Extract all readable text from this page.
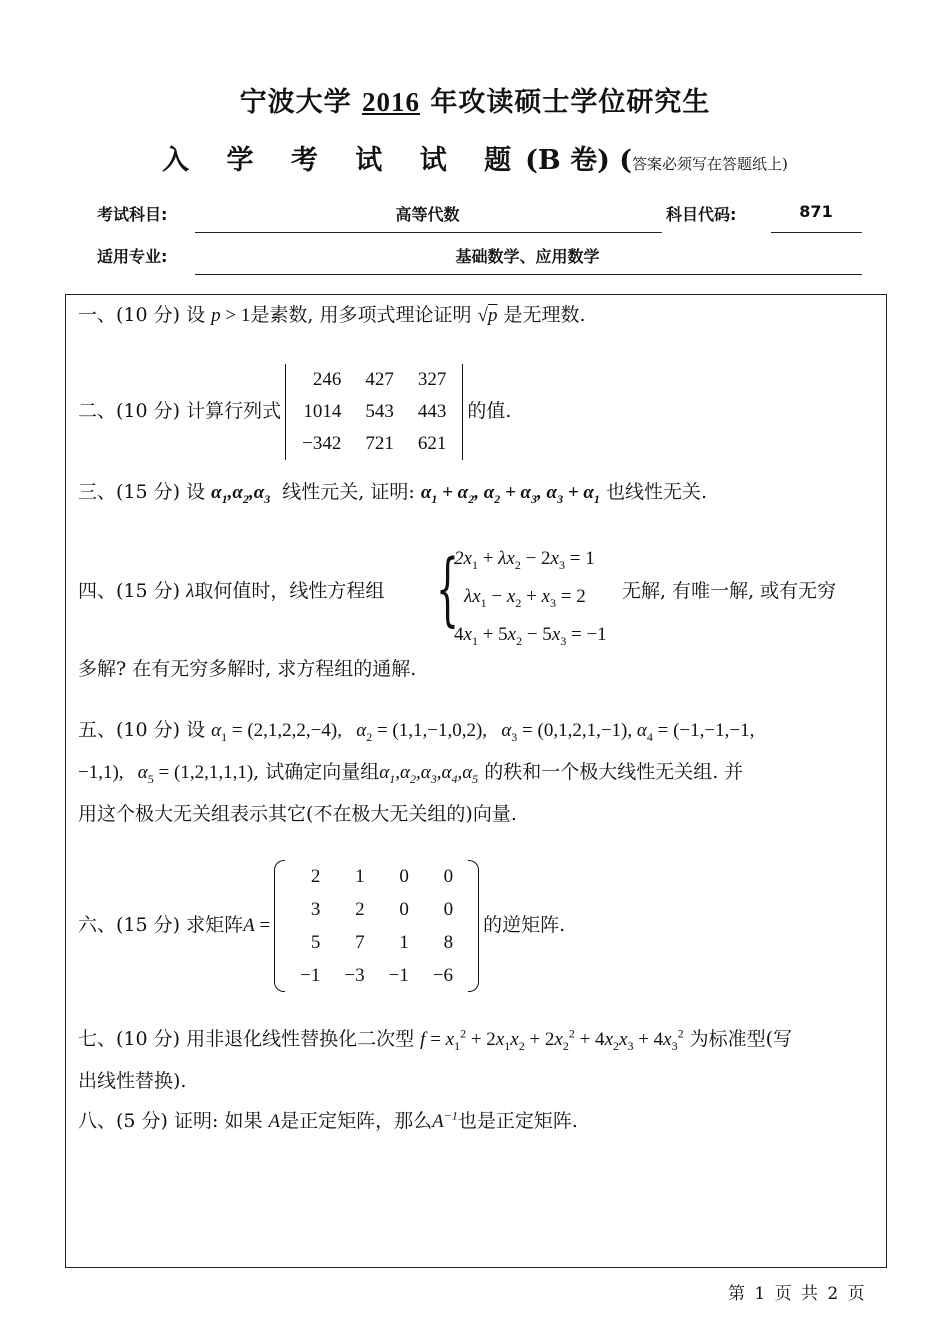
宁波大学 2016 年攻读硕士学位研究生
入 学 考 试 试 题(B 卷) (答案必须写在答题纸上)
考试科目:	高等代数	科目代码:	871
适用专业:	基础数学、应用数学
一、(10 分) 设 p > 1是素数, 用多项式理论证明 √p 是无理数.
二、(10 分) 计算行列式
246	427	327
1014	543	443
−342	721	621
的值.
三、(15 分) 设 $\alpha_1,\alpha_2,\alpha_3$ 线性元关, 证明: $\alpha_1 + \alpha_2$, $\alpha_2 + \alpha_3$, $\alpha_3 + \alpha_1$ 也线性无关.
四、(15 分) λ取何值时，线性方程组 {
$2x_1 + \lambda x_2 - 2x_3 = 1$
$\lambda x_1 - x_2 + x_3 = 2$
$4x_1 + 5x_2 - 5x_3 = -1$
无解, 有唯一解, 或有无穷
多解? 在有无穷多解时, 求方程组的通解.
五、(10 分) 设 $\alpha_1 = (2,1,2,2,-4)$,   $\alpha_2 = (1,1,-1,0,2)$,   $\alpha_3 = (0,1,2,1,-1)$, $\alpha_4 = (-1,-1,-1$,
−1,1),   $\alpha_5 = (1,2,1,1,1)$, 试确定向量组$\alpha_1,\alpha_2,\alpha_3,\alpha_4,\alpha_5$ 的秩和一个极大线性无关组. 并
用这个极大无关组表示其它(不在极大无关组的)向量.
六、(15 分) 求矩阵A =
2	1	0	0
3	2	0	0
5	7	1	8
−1	−3	−1	−6
的逆矩阵.
七、(10 分) 用非退化线性替换化二次型 $f = x_1^2 + 2x_1x_2 + 2x_2^2 + 4x_2x_3 + 4x_3^2$ 为标准型(写
出线性替换).
八、(5 分) 证明: 如果 A是正定矩阵，那么$A^{-1}$也是正定矩阵.
第 1 页 共 2 页
